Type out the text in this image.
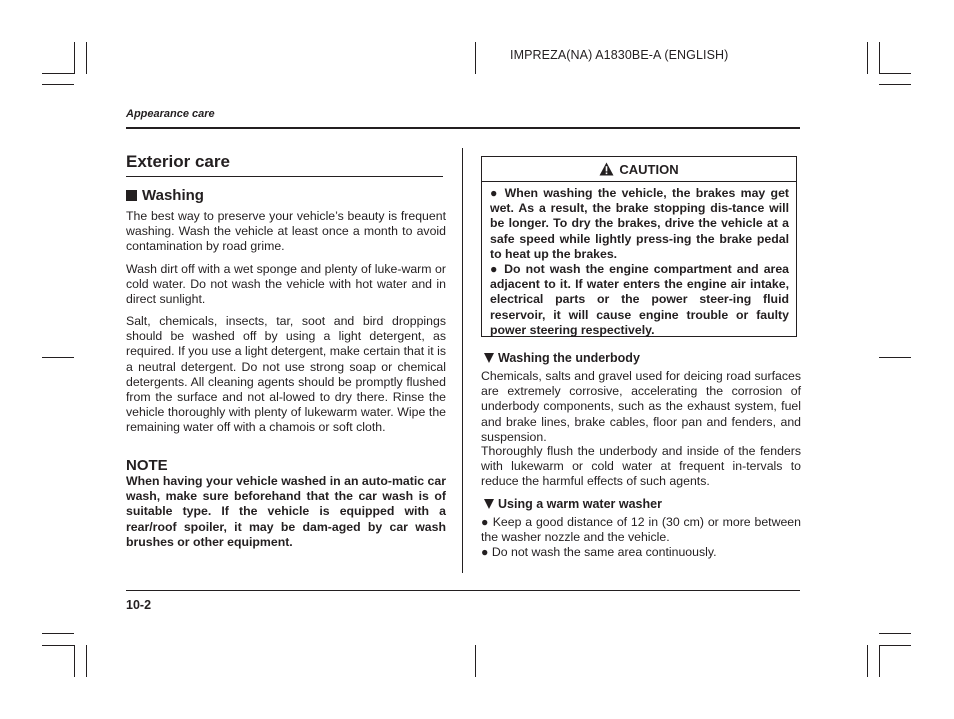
IMPREZA(NA) A1830BE-A (ENGLISH)
Appearance care
Exterior care
Washing
The best way to preserve your vehicle’s beauty is frequent washing. Wash the vehicle at least once a month to avoid contamination by road grime.
Wash dirt off with a wet sponge and plenty of luke-warm or cold water. Do not wash the vehicle with hot water and in direct sunlight.
Salt, chemicals, insects, tar, soot and bird droppings should be washed off by using a light detergent, as required. If you use a light detergent, make certain that it is a neutral detergent. Do not use strong soap or chemical detergents. All cleaning agents should be promptly flushed from the surface and not al-lowed to dry there. Rinse the vehicle thoroughly with plenty of lukewarm water. Wipe the remaining water off with a chamois or soft cloth.
NOTE
When having your vehicle washed in an auto-matic car wash, make sure beforehand that the car wash is of suitable type. If the vehicle is equipped with a rear/roof spoiler, it may be dam-aged by car wash brushes or other equipment.
CAUTION

● When washing the vehicle, the brakes may get wet. As a result, the brake stopping dis-tance will be longer. To dry the brakes, drive the vehicle at a safe speed while lightly press-ing the brake pedal to heat up the brakes.

● Do not wash the engine compartment and area adjacent to it. If water enters the engine air intake, electrical parts or the power steer-ing fluid reservoir, it will cause engine trouble or faulty power steering respectively.

Washing the underbody
Chemicals, salts and gravel used for deicing road surfaces are extremely corrosive, accelerating the corrosion of underbody components, such as the exhaust system, fuel and brake lines, brake cables, floor pan and fenders, and suspension.
Thoroughly flush the underbody and inside of the fenders with lukewarm or cold water at frequent in-tervals to reduce the harmful effects of such agents.
Using a warm water washer
● Keep a good distance of 12 in (30 cm) or more between the washer nozzle and the vehicle.
● Do not wash the same area continuously.
10-2
